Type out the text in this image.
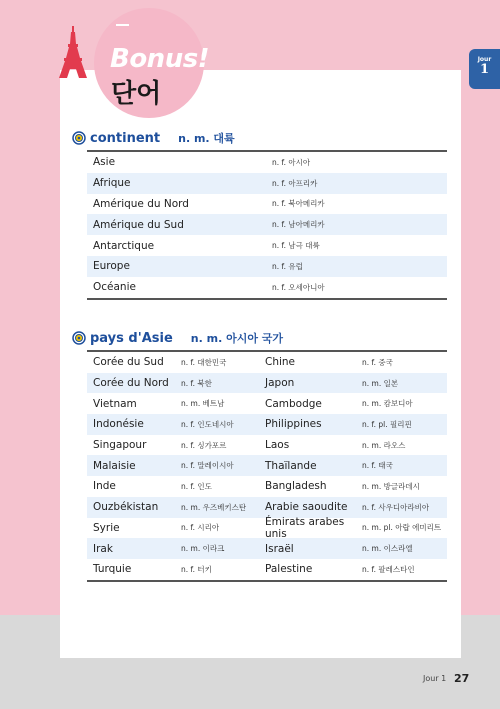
Bonus!
단어
Jour
1
continent n. m. 대륙
Asie	n. f. 아시아
Afrique	n. f. 아프리카
Amérique du Nord	n. f. 북아메리카
Amérique du Sud	n. f. 남아메리카
Antarctique	n. f. 남극 대륙
Europe	n. f. 유럽
Océanie	n. f. 오세아니아
pays d'Asie n. m. 아시아 국가
Corée du Sud	n. f. 대한민국	Chine	n. f. 중국
Corée du Nord	n. f. 북한	Japon	n. m. 일본
Vietnam	n. m. 베트남	Cambodge	n. m. 캄보디아
Indonésie	n. f. 인도네시아	Philippines	n. f. pl. 필리핀
Singapour	n. f. 싱가포르	Laos	n. m. 라오스
Malaisie	n. f. 말레이시아	Thaïlande	n. f. 태국
Inde	n. f. 인도	Bangladesh	n. m. 방글라데시
Ouzbékistan	n. m. 우즈베키스탄	Arabie saoudite	n. f. 사우디아라비아
Syrie	n. f. 시리아	Émirats arabes unis	n. m. pl. 아랍 에미리트
Irak	n. m. 이라크	Israël	n. m. 이스라엘
Turquie	n. f. 터키	Palestine	n. f. 팔레스타인
Jour 1 27
